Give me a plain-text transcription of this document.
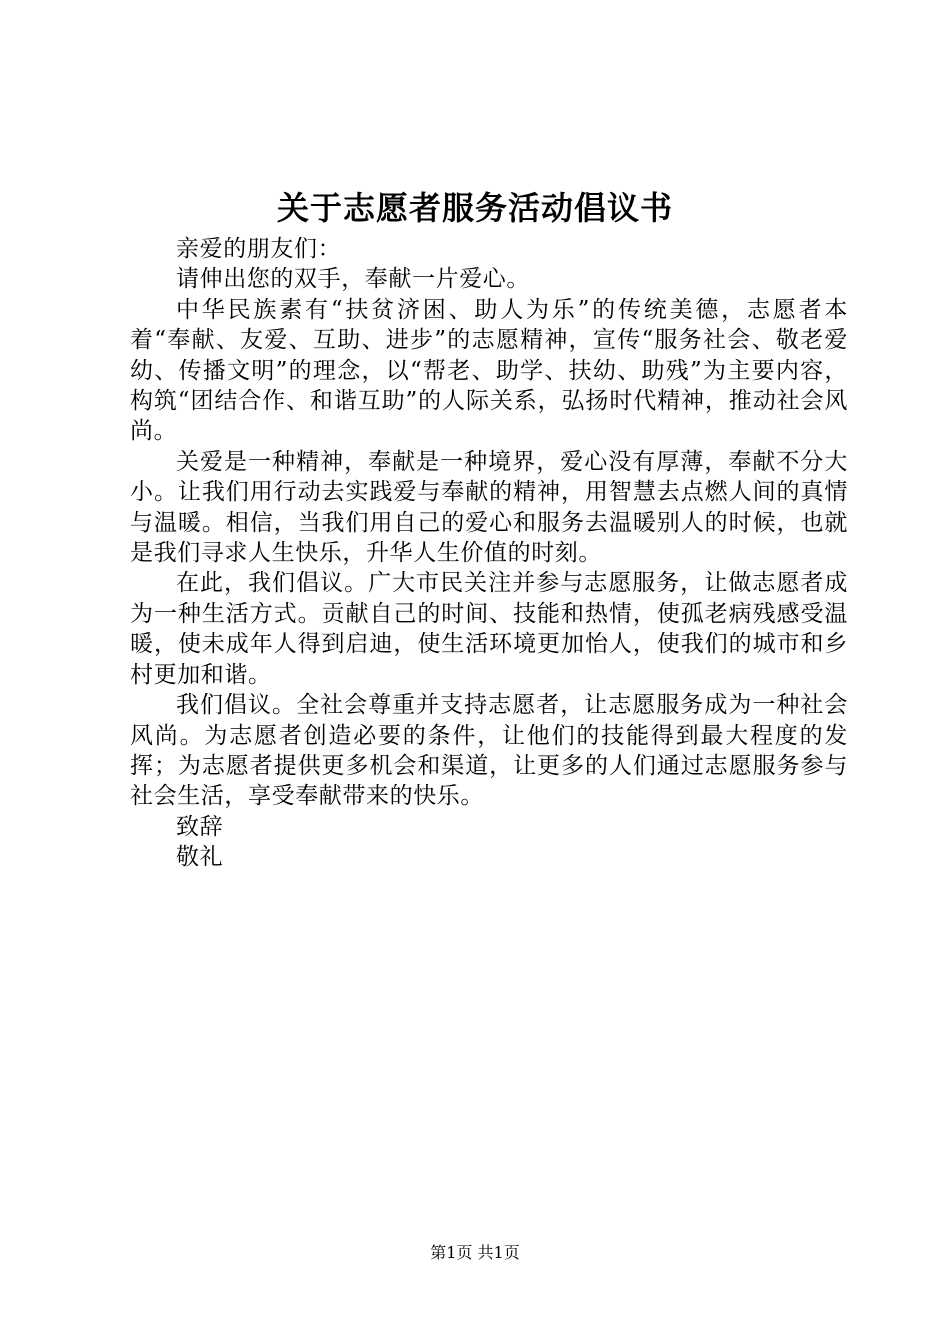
关于志愿者服务活动倡议书

亲爱的朋友们：

请伸出您的双手，奉献一片爱心。

中华民族素有“扶贫济困、助人为乐”的传统美德，志愿者本着“奉献、友爱、互助、进步”的志愿精神，宣传“服务社会、敬老爱幼、传播文明”的理念，以“帮老、助学、扶幼、助残”为主要内容，构筑“团结合作、和谐互助”的人际关系，弘扬时代精神，推动社会风尚。

关爱是一种精神，奉献是一种境界，爱心没有厚薄，奉献不分大小。让我们用行动去实践爱与奉献的精神，用智慧去点燃人间的真情与温暖。相信，当我们用自己的爱心和服务去温暖别人的时候，也就是我们寻求人生快乐，升华人生价值的时刻。

在此，我们倡议。广大市民关注并参与志愿服务，让做志愿者成为一种生活方式。贡献自己的时间、技能和热情，使孤老病残感受温暖，使未成年人得到启迪，使生活环境更加怡人，使我们的城市和乡村更加和谐。

我们倡议。全社会尊重并支持志愿者，让志愿服务成为一种社会风尚。为志愿者创造必要的条件，让他们的技能得到最大程度的发挥；为志愿者提供更多机会和渠道，让更多的人们通过志愿服务参与社会生活，享受奉献带来的快乐。

致辞

敬礼

第1页 共1页
